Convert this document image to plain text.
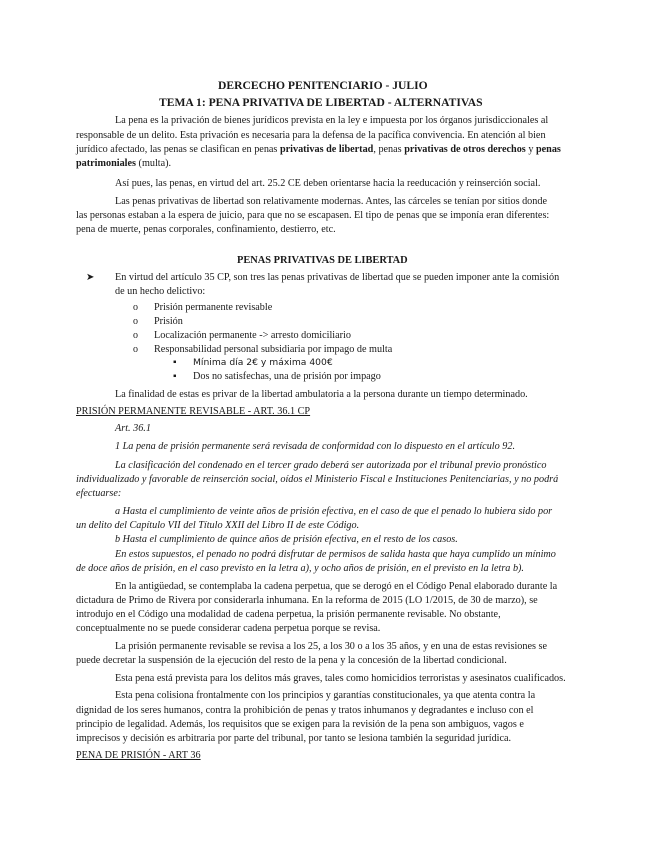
DERCECHO PENITENCIARIO - JULIO
TEMA 1: PENA PRIVATIVA DE LIBERTAD - ALTERNATIVAS
La pena es la privación de bienes jurídicos prevista en la ley e impuesta por los órganos jurisdiccionales al
responsable de un delito. Esta privación es necesaria para la defensa de la pacífica convivencia. En atención al bien
jurídico afectado, las penas se clasifican en penas privativas de libertad, penas privativas de otros derechos y penas
patrimoniales (multa).
Así pues, las penas, en virtud del art. 25.2 CE deben orientarse hacia la reeducación y reinserción social.
Las penas privativas de libertad son relativamente modernas. Antes, las cárceles se tenían por sitios donde
las personas estaban a la espera de juicio, para que no se escapasen. El tipo de penas que se imponía eran diferentes:
pena de muerte, penas corporales, confinamiento, destierro, etc.
PENAS PRIVATIVAS DE LIBERTAD
➤ En virtud del artículo 35 CP, son tres las penas privativas de libertad que se pueden imponer ante la comisión
de un hecho delictivo:
o Prisión permanente revisable
o Prisión
o Localización permanente -> arresto domiciliario
o Responsabilidad personal subsidiaria por impago de multa
▪ Mínima día 2€ y máxima 400€
▪ Dos no satisfechas, una de prisión por impago
La finalidad de estas es privar de la libertad ambulatoria a la persona durante un tiempo determinado.
PRISIÓN PERMANENTE REVISABLE - ART. 36.1 CP
Art. 36.1
1 La pena de prisión permanente será revisada de conformidad con lo dispuesto en el artículo 92.
La clasificación del condenado en el tercer grado deberá ser autorizada por el tribunal previo pronóstico
individualizado y favorable de reinserción social, oídos el Ministerio Fiscal e Instituciones Penitenciarias, y no podrá
efectuarse:
a Hasta el cumplimiento de veinte años de prisión efectiva, en el caso de que el penado lo hubiera sido por
un delito del Capítulo VII del Título XXII del Libro II de este Código.
b Hasta el cumplimiento de quince años de prisión efectiva, en el resto de los casos.
En estos supuestos, el penado no podrá disfrutar de permisos de salida hasta que haya cumplido un mínimo
de doce años de prisión, en el caso previsto en la letra a), y ocho años de prisión, en el previsto en la letra b).
En la antigüedad, se contemplaba la cadena perpetua, que se derogó en el Código Penal elaborado durante la
dictadura de Primo de Rivera por considerarla inhumana. En la reforma de 2015 (LO 1/2015, de 30 de marzo), se
introdujo en el Código una modalidad de cadena perpetua, la prisión permanente revisable. No obstante,
conceptualmente no se puede considerar cadena perpetua porque se revisa.
La prisión permanente revisable se revisa a los 25, a los 30 o a los 35 años, y en una de estas revisiones se
puede decretar la suspensión de la ejecución del resto de la pena y la concesión de la libertad condicional.
Esta pena está prevista para los delitos más graves, tales como homicidios terroristas y asesinatos cualificados.
Esta pena colisiona frontalmente con los principios y garantías constitucionales, ya que atenta contra la
dignidad de los seres humanos, contra la prohibición de penas y tratos inhumanos y degradantes e incluso con el
principio de legalidad. Además, los requisitos que se exigen para la revisión de la pena son ambiguos, vagos e
imprecisos y decisión es arbitraria por parte del tribunal, por tanto se lesiona también la seguridad jurídica.
PENA DE PRISIÓN - ART 36
